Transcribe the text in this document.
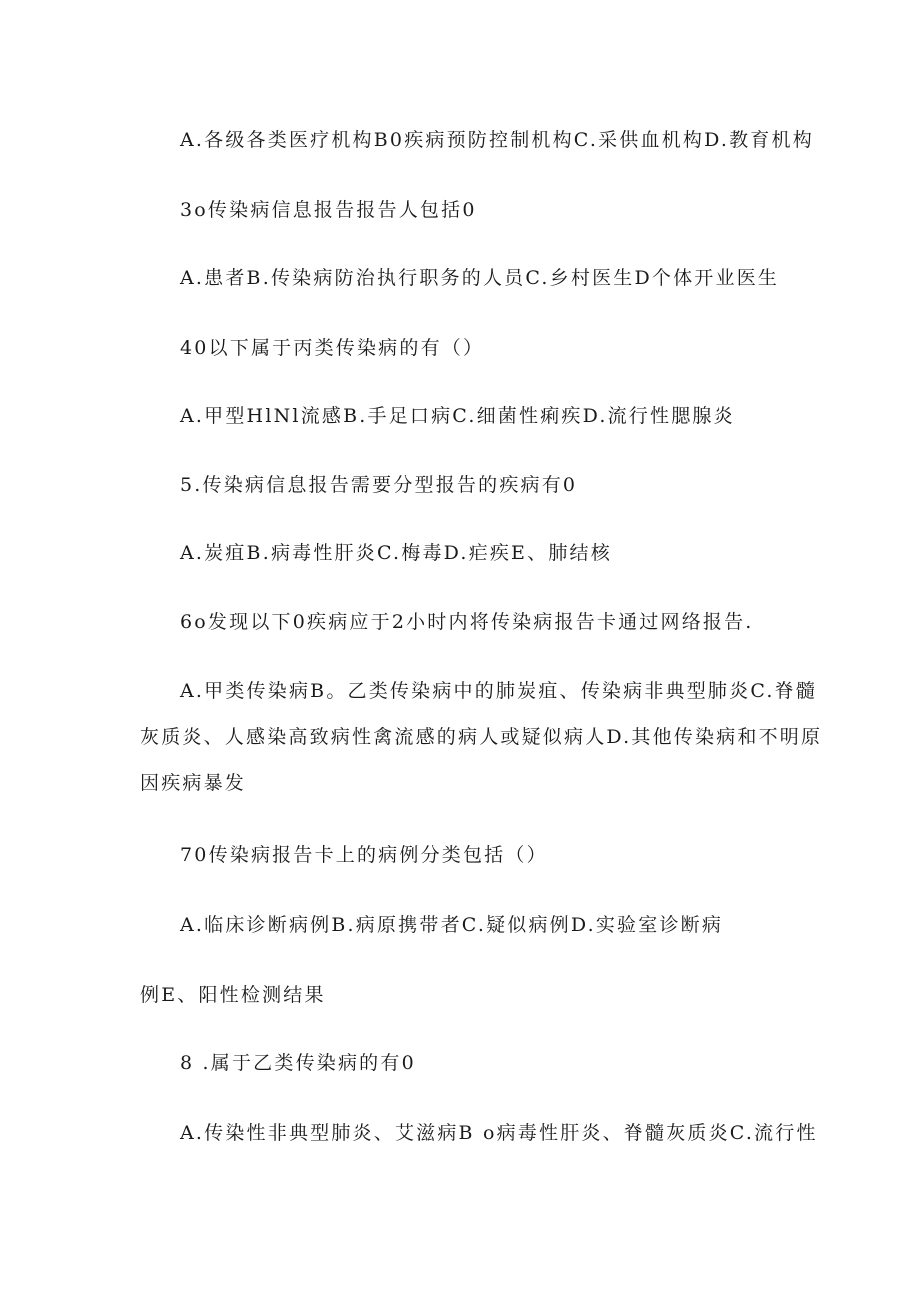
A.各级各类医疗机构B0疾病预防控制机构C.采供血机构D.教育机构
3o传染病信息报告报告人包括0
A.患者B.传染病防治执行职务的人员C.乡村医生D个体开业医生
40以下属于丙类传染病的有（）
A.甲型HlNl流感B.手足口病C.细菌性痢疾D.流行性腮腺炎
5.传染病信息报告需要分型报告的疾病有0
A.炭疽B.病毒性肝炎C.梅毒D.疟疾E、肺结核
6o发现以下0疾病应于2小时内将传染病报告卡通过网络报告.
A.甲类传染病B。乙类传染病中的肺炭疽、传染病非典型肺炎C.脊髓
灰质炎、人感染高致病性禽流感的病人或疑似病人D.其他传染病和不明原
因疾病暴发
70传染病报告卡上的病例分类包括（）
A.临床诊断病例B.病原携带者C.疑似病例D.实验室诊断病
例E、阳性检测结果
8 .属于乙类传染病的有0
A.传染性非典型肺炎、艾滋病B o病毒性肝炎、脊髓灰质炎C.流行性
